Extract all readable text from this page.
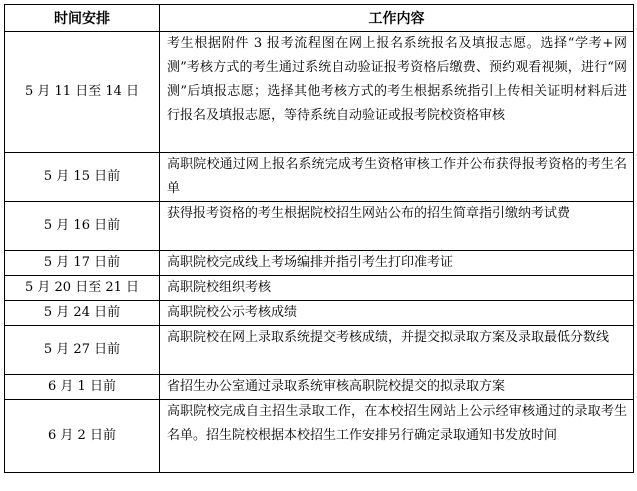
时间安排	工作内容
5 月 11 日至 14 日	考生根据附件 3 报考流程图在网上报名系统报名及填报志愿。选择“学考+网测”考核方式的考生通过系统自动验证报考资格后缴费、预约观看视频，进行“网测”后填报志愿；选择其他考核方式的考生根据系统指引上传相关证明材料后进行报名及填报志愿，等待系统自动验证或报考院校资格审核

5 月 15 日前	高职院校通过网上报名系统完成考生资格审核工作并公布获得报考资格的考生名单

5 月 16 日前	获得报考资格的考生根据院校招生网站公布的招生简章指引缴纳考试费

5 月 17 日前	高职院校完成线上考场编排并指引考生打印准考证

5 月 20 日至 21 日	高职院校组织考核

5 月 24 日前	高职院校公示考核成绩

5 月 27 日前	高职院校在网上录取系统提交考核成绩，并提交拟录取方案及录取最低分数线

6 月 1 日前	省招生办公室通过录取系统审核高职院校提交的拟录取方案

6 月 2 日前	高职院校完成自主招生录取工作，在本校招生网站上公示经审核通过的录取考生名单。招生院校根据本校招生工作安排另行确定录取通知书发放时间
